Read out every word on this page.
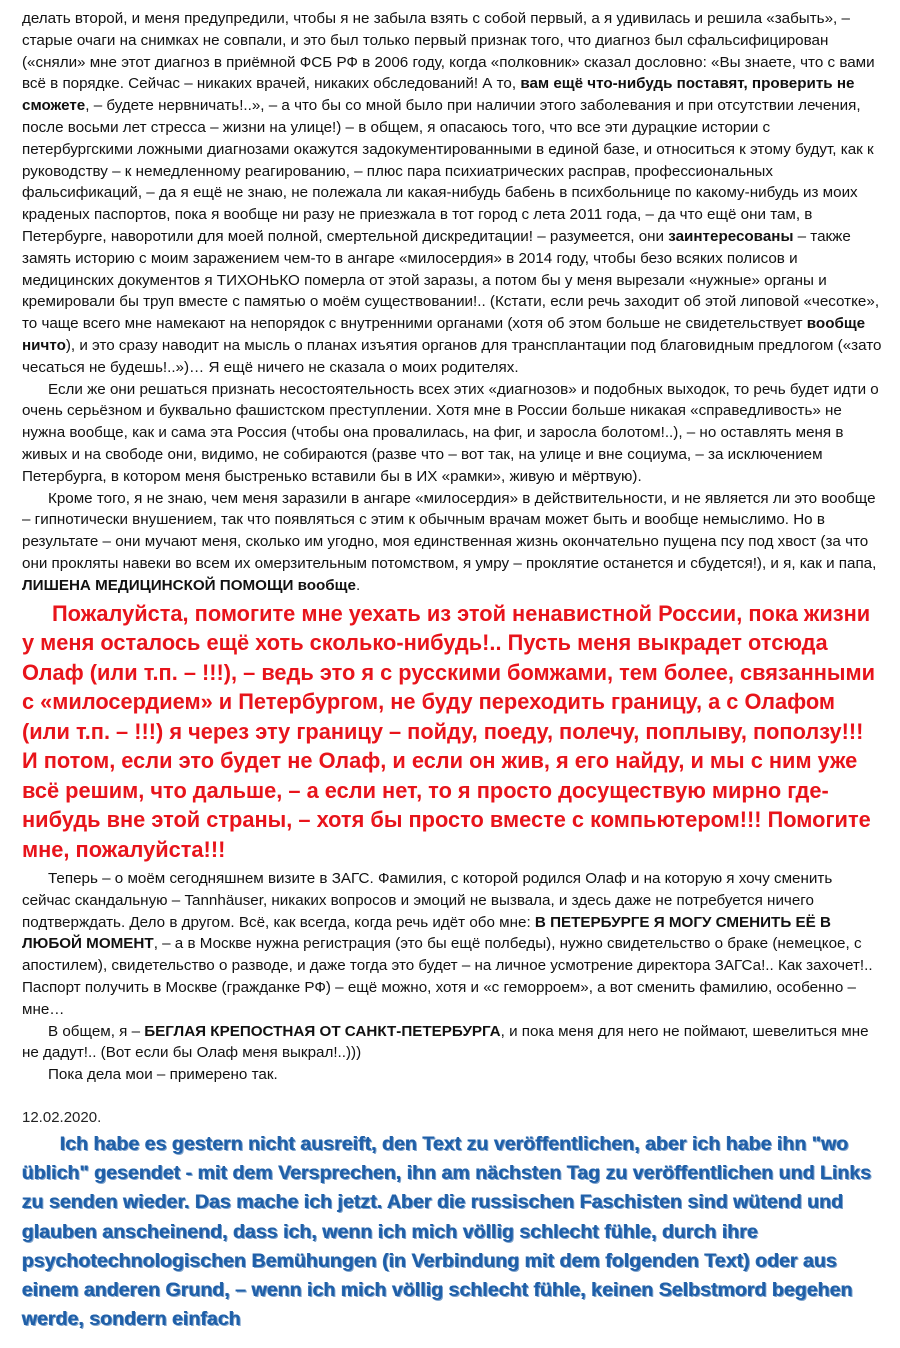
делать второй, и меня предупредили, чтобы я не забыла взять с собой первый, а я удивилась и решила «забыть», – старые очаги на снимках не совпали, и это был только первый признак того, что диагноз был сфальсифицирован («сняли» мне этот диагноз в приёмной ФСБ РФ в 2006 году, когда «полковник» сказал дословно: «Вы знаете, что с вами всё в порядке. Сейчас – никаких врачей, никаких обследований! А то, вам ещё что-нибудь поставят, проверить не сможете, – будете нервничать!..», – а что бы со мной было при наличии этого заболевания и при отсутствии лечения, после восьми лет стресса – жизни на улице!) – в общем, я опасаюсь того, что все эти дурацкие истории с петербургскими ложными диагнозами окажутся задокументированными в единой базе, и относиться к этому будут, как к руководству – к немедленному реагированию, – плюс пара психиатрических расправ, профессиональных фальсификаций, – да я ещё не знаю, не полежала ли какая-нибудь бабень в психбольнице по какому-нибудь из моих краденых паспортов, пока я вообще ни разу не приезжала в тот город с лета 2011 года, – да что ещё они там, в Петербурге, наворотили для моей полной, смертельной дискредитации! – разумеется, они заинтересованы – также замять историю с моим заражением чем-то в ангаре «милосердия» в 2014 году, чтобы безо всяких полисов и медицинских документов я ТИХОНЬКО померла от этой заразы, а потом бы у меня вырезали «нужные» органы и кремировали бы труп вместе с памятью о моём существовании!.. (Кстати, если речь заходит об этой липовой «чесотке», то чаще всего мне намекают на непорядок с внутренними органами (хотя об этом больше не свидетельствует вообще ничто), и это сразу наводит на мысль о планах изъятия органов для трансплантации под благовидным предлогом («зато чесаться не будешь!..»)… Я ещё ничего не сказала о моих родителях.

Если же они решаться признать несостоятельность всех этих «диагнозов» и подобных выходок, то речь будет идти о очень серьёзном и буквально фашистском преступлении. Хотя мне в России больше никакая «справедливость» не нужна вообще, как и сама эта Россия (чтобы она провалилась, на фиг, и заросла болотом!..), – но оставлять меня в живых и на свободе они, видимо, не собираются (разве что – вот так, на улице и вне социума, – за исключением Петербурга, в котором меня быстренько вставили бы в ИХ «рамки», живую и мёртвую).

Кроме того, я не знаю, чем меня заразили в ангаре «милосердия» в действительности, и не является ли это вообще – гипнотически внушением, так что появляться с этим к обычным врачам может быть и вообще немыслимо. Но в результате – они мучают меня, сколько им угодно, моя единственная жизнь окончательно пущена псу под хвост (за что они прокляты навеки во всем их омерзительным потомством, я умру – проклятие останется и сбудется!), и я, как и папа, ЛИШЕНА МЕДИЦИНСКОЙ ПОМОЩИ вообще.

Пожалуйста, помогите мне уехать из этой ненавистной России, пока жизни у меня осталось ещё хоть сколько-нибудь!.. Пусть меня выкрадет отсюда Олаф (или т.п. – !!!), – ведь это я с русскими бомжами, тем более, связанными с «милосердием» и Петербургом, не буду переходить границу, а с Олафом (или т.п. – !!!) я через эту границу – пойду, поеду, полечу, поплыву, поползу!!! И потом, если это будет не Олаф, и если он жив, я его найду, и мы с ним уже всё решим, что дальше, – а если нет, то я просто досуществую мирно где-нибудь вне этой страны, – хотя бы просто вместе с компьютером!!! Помогите мне, пожалуйста!!!

Теперь – о моём сегодняшнем визите в ЗАГС. Фамилия, с которой родился Олаф и на которую я хочу сменить сейчас скандальную – Tannhäuser, никаких вопросов и эмоций не вызвала, и здесь даже не потребуется ничего подтверждать. Дело в другом. Всё, как всегда, когда речь идёт обо мне: В ПЕТЕРБУРГЕ Я МОГУ СМЕНИТЬ ЕЁ В ЛЮБОЙ МОМЕНТ, – а в Москве нужна регистрация (это бы ещё полбеды), нужно свидетельство о браке (немецкое, с апостилем), свидетельство о разводе, и даже тогда это будет – на личное усмотрение директора ЗАГСа!.. Как захочет!.. Паспорт получить в Москве (гражданке РФ) – ещё можно, хотя и «с геморроем», а вот сменить фамилию, особенно – мне…

В общем, я – БЕГЛАЯ КРЕПОСТНАЯ ОТ САНКТ-ПЕТЕРБУРГА, и пока меня для него не поймают, шевелиться мне не дадут!.. (Вот если бы Олаф меня выкрал!..)))

Пока дела мои – примерено так.

12.02.2020.

Ich habe es gestern nicht ausreift, den Text zu veröffentlichen, aber ich habe ihn "wo üblich" gesendet - mit dem Versprechen, ihn am nächsten Tag zu veröffentlichen und Links zu senden wieder. Das mache ich jetzt. Aber die russischen Faschisten sind wütend und glauben anscheinend, dass ich, wenn ich mich völlig schlecht fühle, durch ihre psychotechnologischen Bemühungen (in Verbindung mit dem folgenden Text) oder aus einem anderen Grund, – wenn ich mich völlig schlecht fühle, keinen Selbstmord begehen werde, sondern einfach
